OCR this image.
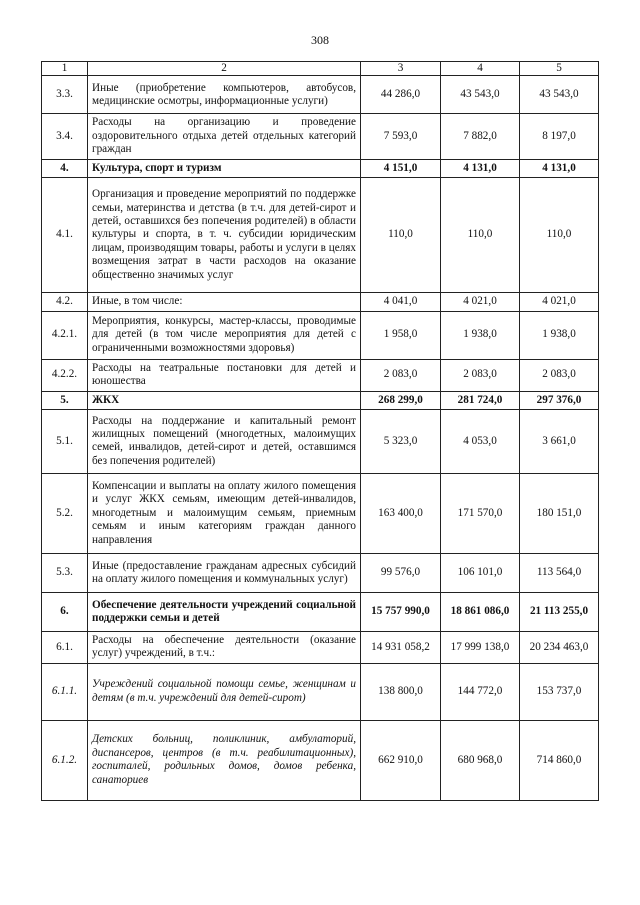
308
1	2	3	4	5
3.3.	Иные (приобретение компьютеров, автобусов, медицинские осмотры, информационные услуги)	44 286,0	43 543,0	43 543,0
3.4.	Расходы на организацию и проведение оздоровительного отдыха детей отдельных категорий граждан	7 593,0	7 882,0	8 197,0
4.	Культура, спорт и туризм	4 151,0	4 131,0	4 131,0
4.1.	Организация и проведение мероприятий по поддержке семьи, материнства и детства (в т.ч. для детей-сирот и детей, оставшихся без попечения родителей) в области культуры и спорта, в т. ч. субсидии юридическим лицам, производящим товары, работы и услуги в целях возмещения затрат в части расходов на оказание общественно значимых услуг	110,0	110,0	110,0
4.2.	Иные, в том числе:	4 041,0	4 021,0	4 021,0
4.2.1.	Мероприятия, конкурсы, мастер-классы, проводимые для детей (в том числе мероприятия для детей с ограниченными возможностями здоровья)	1 958,0	1 938,0	1 938,0
4.2.2.	Расходы на театральные постановки для детей и юношества	2 083,0	2 083,0	2 083,0
5.	ЖКХ	268 299,0	281 724,0	297 376,0
5.1.	Расходы на поддержание и капитальный ремонт жилищных помещений (многодетных, малоимущих семей, инвалидов, детей-сирот и детей, оставшимся без попечения родителей)	5 323,0	4 053,0	3 661,0
5.2.	Компенсации и выплаты на оплату жилого помещения и услуг ЖКХ семьям, имеющим детей-инвалидов, многодетным и малоимущим семьям, приемным семьям и иным категориям граждан данного направления	163 400,0	171 570,0	180 151,0
5.3.	Иные (предоставление гражданам адресных субсидий на оплату жилого помещения и коммунальных услуг)	99 576,0	106 101,0	113 564,0
6.	Обеспечение деятельности учреждений социальной поддержки семьи и детей	15 757 990,0	18 861 086,0	21 113 255,0
6.1.	Расходы на обеспечение деятельности (оказание услуг) учреждений, в т.ч.:	14 931 058,2	17 999 138,0	20 234 463,0
6.1.1.	Учреждений социальной помощи семье, женщинам и детям (в т.ч. учреждений для детей-сирот)	138 800,0	144 772,0	153 737,0
6.1.2.	Детских больниц, поликлиник, амбулаторий, диспансеров, центров (в т.ч. реабилитационных), госпиталей, родильных домов, домов ребенка, санаториев	662 910,0	680 968,0	714 860,0
